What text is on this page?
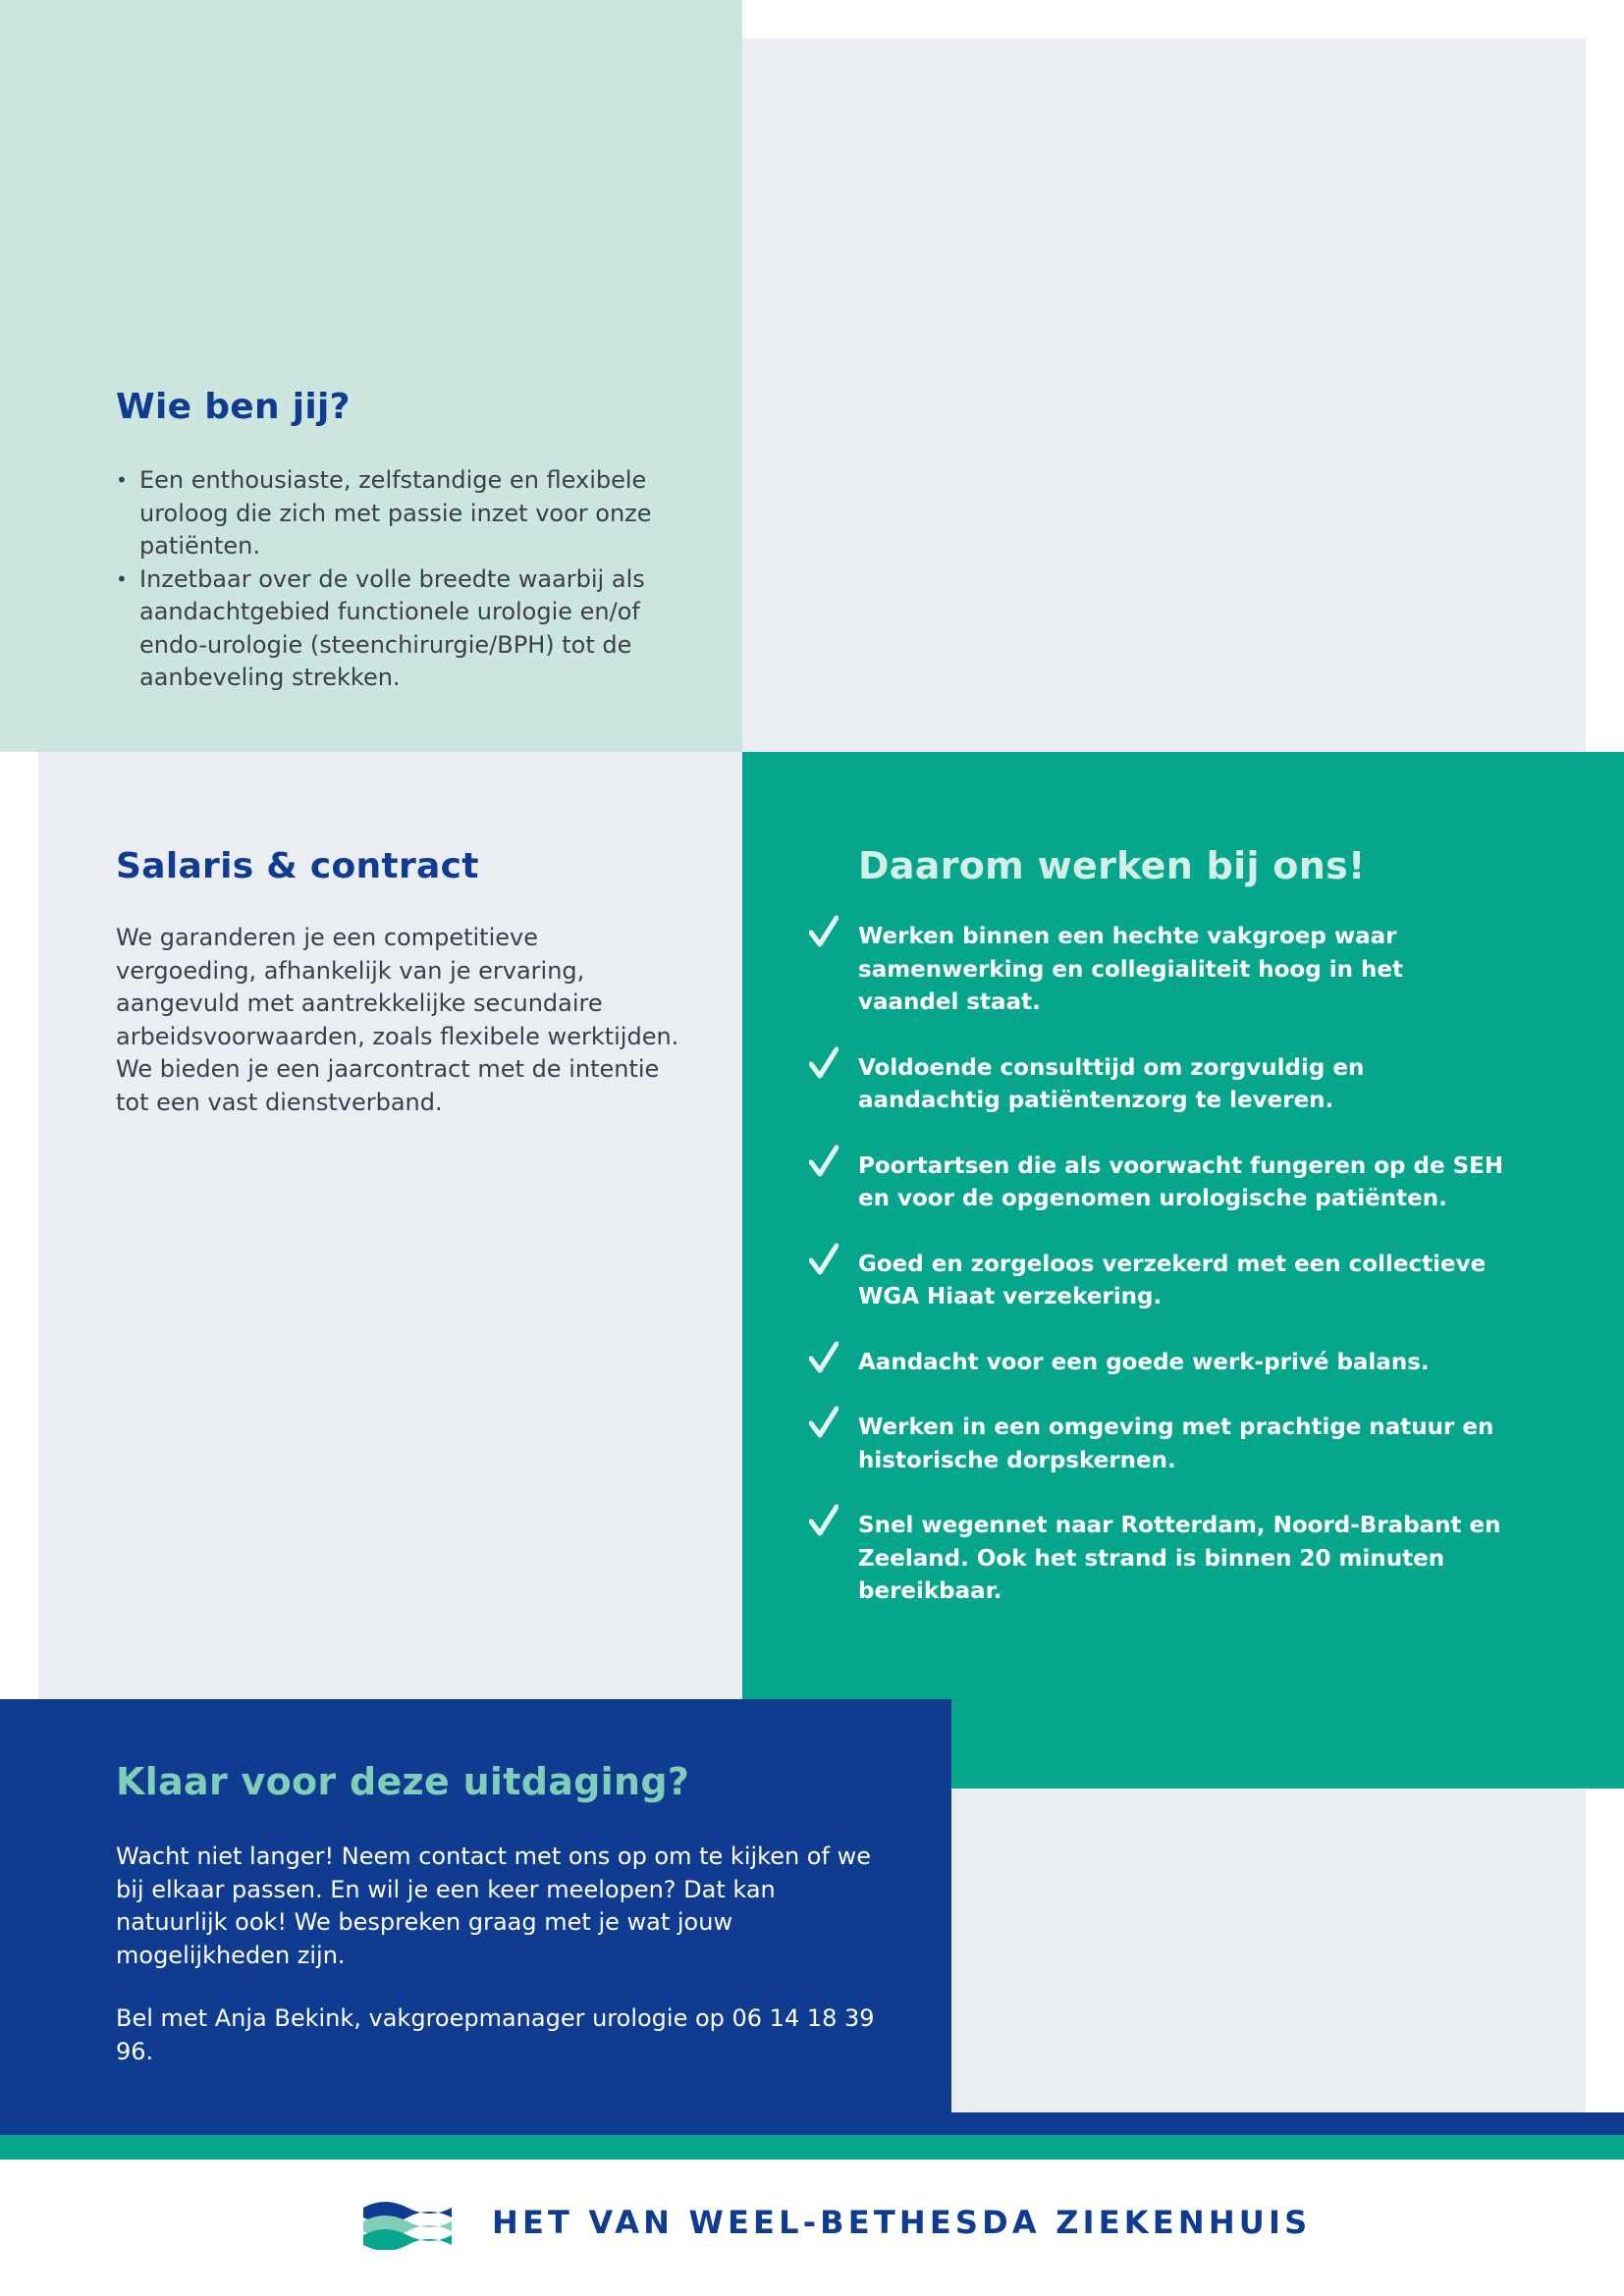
Wie ben jij?
• Een enthousiaste, zelfstandige en flexibele uroloog die zich met passie inzet voor onze patiënten.
• Inzetbaar over de volle breedte waarbij als aandachtgebied functionele urologie en/of endo-urologie (steenchirurgie/BPH) tot de aanbeveling strekken.
Salaris & contract

We garanderen je een competitieve vergoeding, afhankelijk van je ervaring, aangevuld met aantrekkelijke secundaire arbeidsvoorwaarden, zoals flexibele werktijden. We bieden je een jaarcontract met de intentie tot een vast dienstverband.

Daarom werken bij ons!
Werken binnen een hechte vakgroep waar samenwerking en collegialiteit hoog in het vaandel staat.
Voldoende consulttijd om zorgvuldig en aandachtig patiëntenzorg te leveren.
Poortartsen die als voorwacht fungeren op de SEH en voor de opgenomen urologische patiënten.
Goed en zorgeloos verzekerd met een collectieve WGA Hiaat verzekering.
Aandacht voor een goede werk-privé balans.
Werken in een omgeving met prachtige natuur en historische dorpskernen.
Snel wegennet naar Rotterdam, Noord-Brabant en Zeeland. Ook het strand is binnen 20 minuten bereikbaar.
Klaar voor deze uitdaging?

Wacht niet langer! Neem contact met ons op om te kijken of we bij elkaar passen. En wil je een keer meelopen? Dat kan natuurlijk ook! We bespreken graag met je wat jouw mogelijkheden zijn.

Bel met Anja Bekink, vakgroepmanager urologie op 06 14 18 39 96.

HET VAN WEEL-BETHESDA ZIEKENHUIS
